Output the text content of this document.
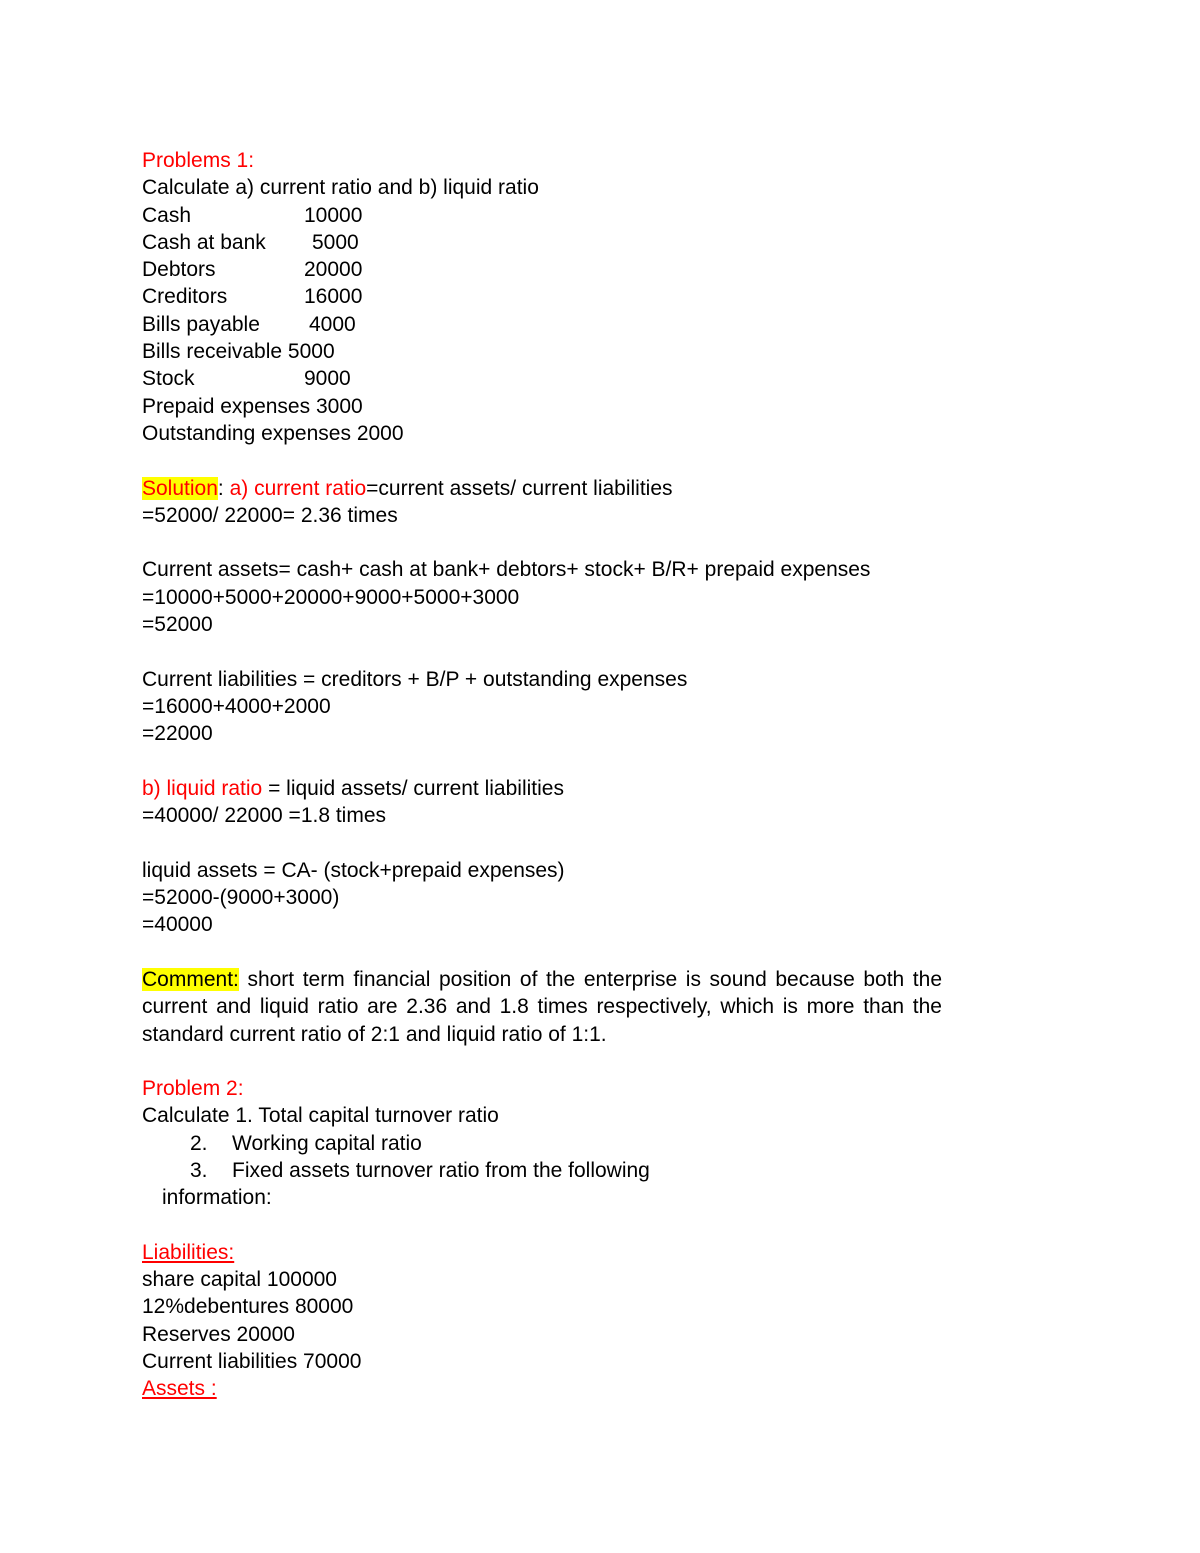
Problems 1:
Calculate a) current ratio and b) liquid ratio
Cash	10000
Cash at bank 5000
Debtors	20000
Creditors	16000
Bills payable 4000
Bills receivable 5000
Stock	9000
Prepaid expenses 3000
Outstanding expenses 2000
Solution: a) current ratio=current assets/ current liabilities
=52000/ 22000= 2.36 times
Current assets= cash+ cash at bank+ debtors+ stock+ B/R+ prepaid expenses
=10000+5000+20000+9000+5000+3000
=52000
Current liabilities = creditors + B/P + outstanding expenses
=16000+4000+2000
=22000
b) liquid ratio = liquid assets/ current liabilities
=40000/ 22000 =1.8 times
liquid assets = CA- (stock+prepaid expenses)
=52000-(9000+3000)
=40000
Comment: short term financial position of the enterprise is sound because both the current and liquid ratio are 2.36 and 1.8 times respectively, which is more than the standard current ratio of 2:1 and liquid ratio of 1:1.
Problem 2:
Calculate 1. Total capital turnover ratio
2. Working capital ratio
3. Fixed assets turnover ratio from the following
information:
Liabilities:
share capital 100000
12%debentures 80000
Reserves 20000
Current liabilities 70000
Assets :
